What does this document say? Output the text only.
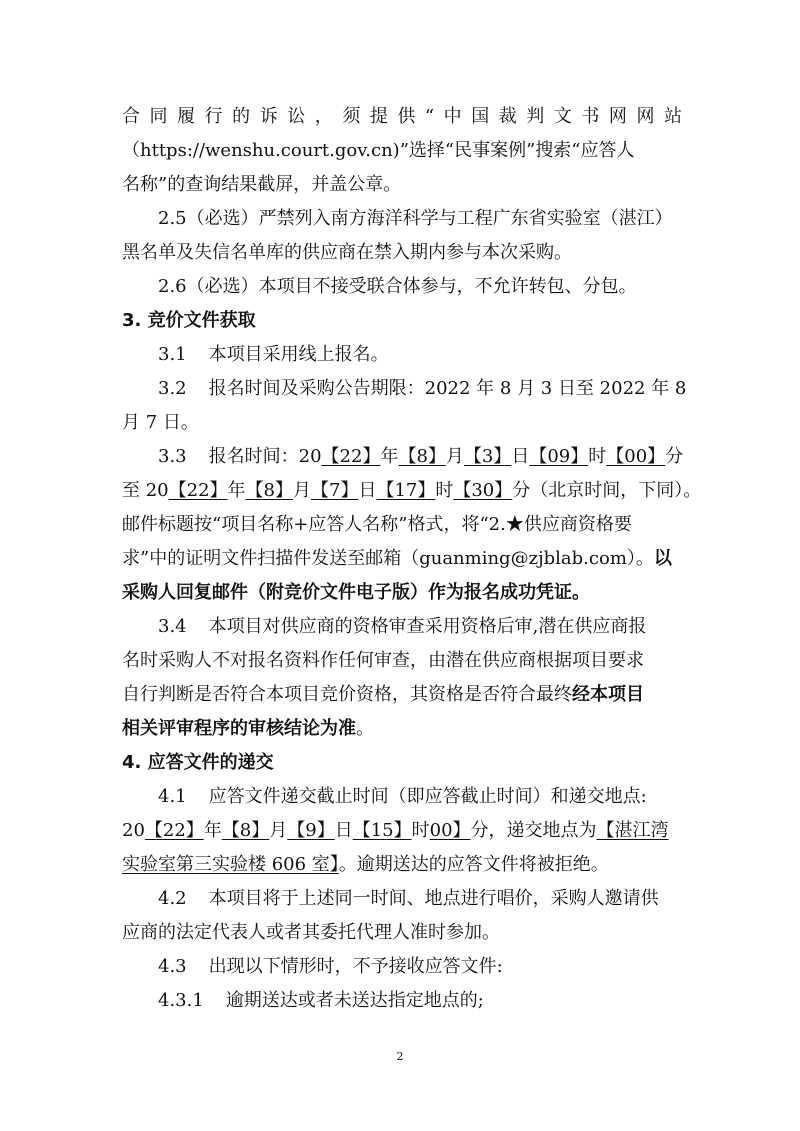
合同履行的诉讼，须提供“中国裁判文书网网站
（https://wenshu.court.gov.cn)”选择“民事案例”搜索“应答人
名称”的查询结果截屏，并盖公章。
2.5（必选）严禁列入南方海洋科学与工程广东省实验室（湛江）
黑名单及失信名单库的供应商在禁入期内参与本次采购。
2.6（必选）本项目不接受联合体参与，不允许转包、分包。
3. 竞价文件获取
3.1 本项目采用线上报名。
3.2 报名时间及采购公告期限：2022 年 8 月 3 日至 2022 年 8
月 7 日。
3.3 报名时间：20【22】年【8】月【3】日【09】时【00】分
至 20【22】年【8】月【7】日【17】时【30】分（北京时间，下同）。
邮件标题按“项目名称+应答人名称”格式，将“2.★供应商资格要
求”中的证明文件扫描件发送至邮箱（guanming@zjblab.com）。以
采购人回复邮件（附竞价文件电子版）作为报名成功凭证。
3.4 本项目对供应商的资格审查采用资格后审,潜在供应商报
名时采购人不对报名资料作任何审查，由潜在供应商根据项目要求
自行判断是否符合本项目竞价资格，其资格是否符合最终经本项目
相关评审程序的审核结论为准。
4. 应答文件的递交
4.1 应答文件递交截止时间（即应答截止时间）和递交地点:
20【22】年【8】月【9】日【15】时00】分，递交地点为【湛江湾
实验室第三实验楼 606 室】。逾期送达的应答文件将被拒绝。
4.2 本项目将于上述同一时间、地点进行唱价，采购人邀请供
应商的法定代表人或者其委托代理人准时参加。
4.3 出现以下情形时，不予接收应答文件:
4.3.1 逾期送达或者未送达指定地点的;
2
